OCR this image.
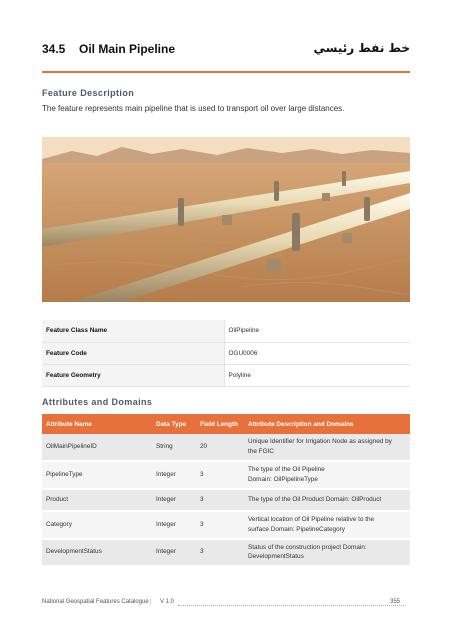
34.5 Oil Main Pipeline	خط نفط رئيسي
Feature Description
The feature represents main pipeline that is used to transport oil over large distances.
Feature Class Name	OilPipeline
Feature Code	OGU0006
Feature Geometry	Polyline
Attributes and Domains
Attribute Name	Data Type	Field Length	Attribute Description and Domains
OilMainPipelineID	String	20	Unique Identifier for Irrigation Node as assigned by
the FGIC
PipelineType	Integer	3	The type of the Oil Pipeline
Domain: OilPipelineType
Product	Integer	3	The type of the Oil Product Domain: OilProduct
Category	Integer	3	Vertical location of Oil Pipeline relative to the
surface Domain: PipelineCategory
DevelopmentStatus	Integer	3	Status of the construction project Domain:
DevelopmentStatus
National Geospatial Features Catalogue | V 1.0	355
